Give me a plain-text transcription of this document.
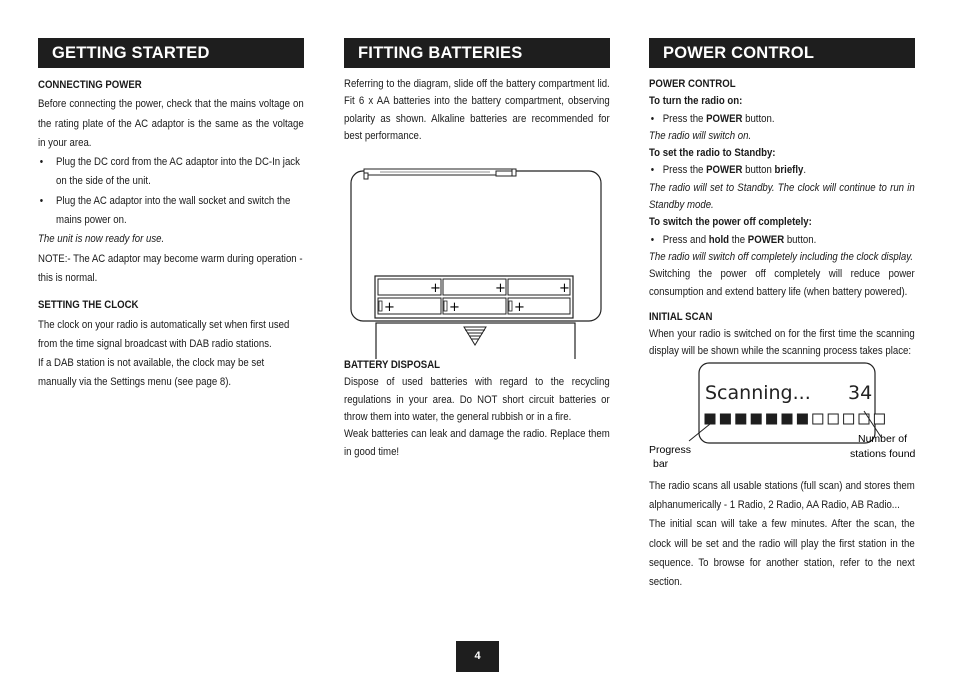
GETTING STARTED

CONNECTING POWER

Before connecting the power, check that the mains voltage on the rating plate of the AC adaptor is the same as the voltage in your area.

• Plug the DC cord from the AC adaptor into the DC-In jack on the side of the unit.
• Plug the AC adaptor into the wall socket and switch the mains power on.

The unit is now ready for use.

NOTE:- The AC adaptor may become warm during operation - this is normal.

SETTING THE CLOCK

The clock on your radio is automatically set when first used from the time signal broadcast with DAB radio stations.

If a DAB station is not available, the clock may be set manually via the Settings menu (see page 8).

FITTING BATTERIES

Referring to the diagram, slide off the battery compartment lid. Fit 6 x AA batteries into the battery compartment, observing polarity as shown. Alkaline batteries are recommended for best performance.

+	+	+
+	+	+

BATTERY DISPOSAL

Dispose of used batteries with regard to the recycling regulations in your area. Do NOT short circuit batteries or throw them into water, the general rubbish or in a fire.

Weak batteries can leak and damage the radio. Replace them in good time!

POWER CONTROL

POWER CONTROL

To turn the radio on:

• Press the POWER button.

The radio will switch on.

To set the radio to Standby:

• Press the POWER button briefly.

The radio will set to Standby. The clock will continue to run in Standby mode.

To switch the power off completely:

• Press and hold the POWER button.

The radio will switch off completely including the clock display.

Switching the power off completely will reduce power consumption and extend battery life (when battery powered).

INITIAL SCAN

When your radio is switched on for the first time the scanning display will be shown while the scanning process takes place:

Scanning... 34
Progress
bar
Number of
stations found

The radio scans all usable stations (full scan) and stores them alphanumerically - 1 Radio, 2 Radio, AA Radio, AB Radio...

The initial scan will take a few minutes. After the scan, the clock will be set and the radio will play the first station in the sequence. To browse for another station, refer to the next section.

4
